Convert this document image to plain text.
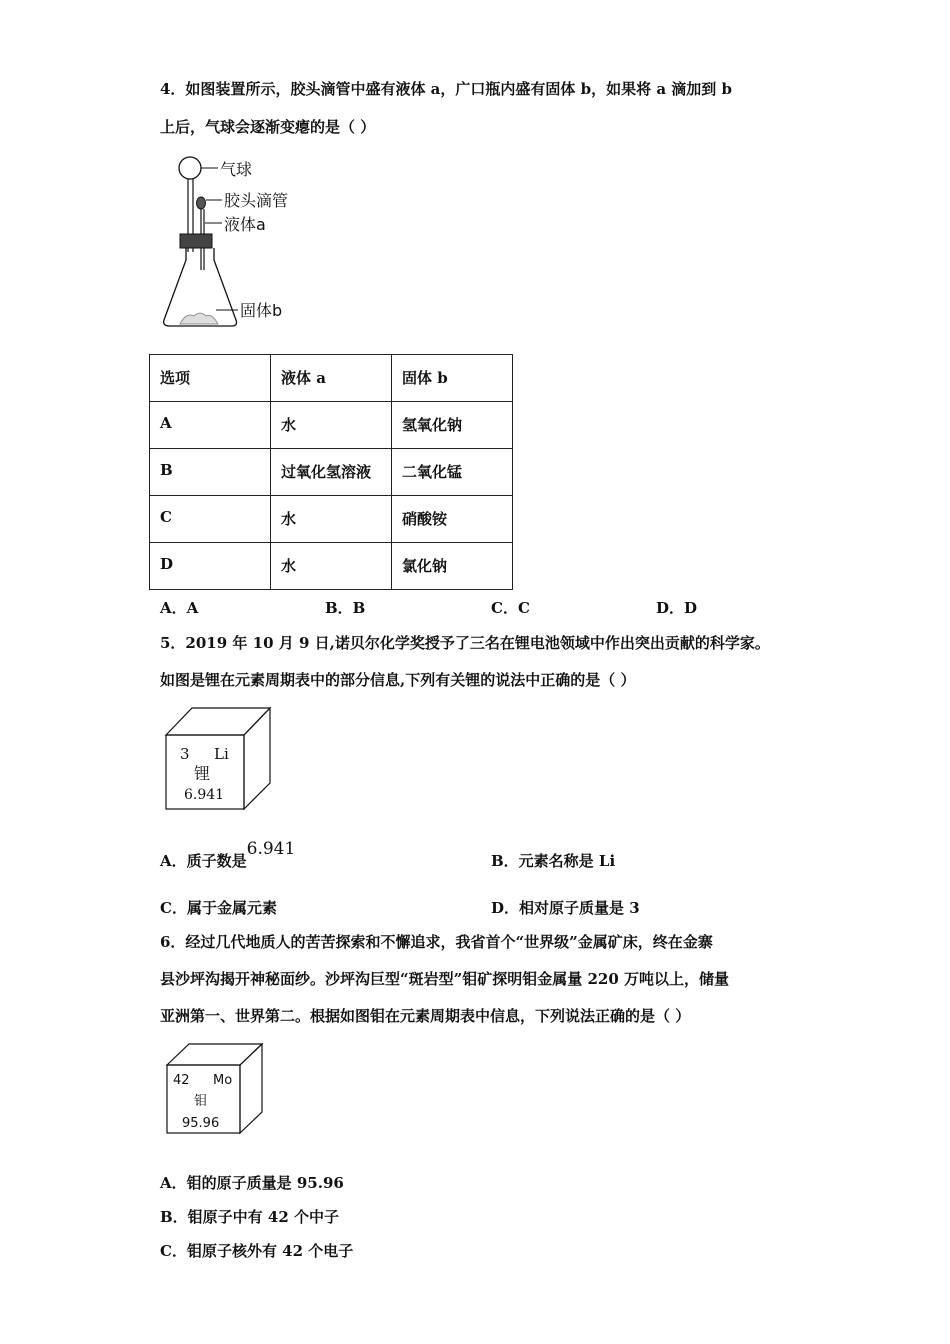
4．如图装置所示，胶头滴管中盛有液体 a，广口瓶内盛有固体 b，如果将 a 滴加到 b
上后，气球会逐渐变瘪的是（ ）
气球
胶头滴管
液体a
固体b
选项	液体 a	固体 b
A	水	氢氧化钠
B	过氧化氢溶液	二氧化锰
C	水	硝酸铵
D	水	氯化钠
A．A	B．B	C．C	D．D
5．2019 年 10 月 9 日,诺贝尔化学奖授予了三名在锂电池领域中作出突出贡献的科学家。
如图是锂在元素周期表中的部分信息,下列有关锂的说法中正确的是（ ）
3 Li
锂
6.941
A．质子数是6.941
B．元素名称是 Li
C．属于金属元素	D．相对原子质量是 3
6．经过几代地质人的苦苦探索和不懈追求，我省首个“世界级”金属矿床，终在金寨
县沙坪沟揭开神秘面纱。沙坪沟巨型“斑岩型”钼矿探明钼金属量 220 万吨以上，储量
亚洲第一、世界第二。根据如图钼在元素周期表中信息，下列说法正确的是（ ）
42 Mo
钼
95.96
A．钼的原子质量是 95.96
B．钼原子中有 42 个中子
C．钼原子核外有 42 个电子
